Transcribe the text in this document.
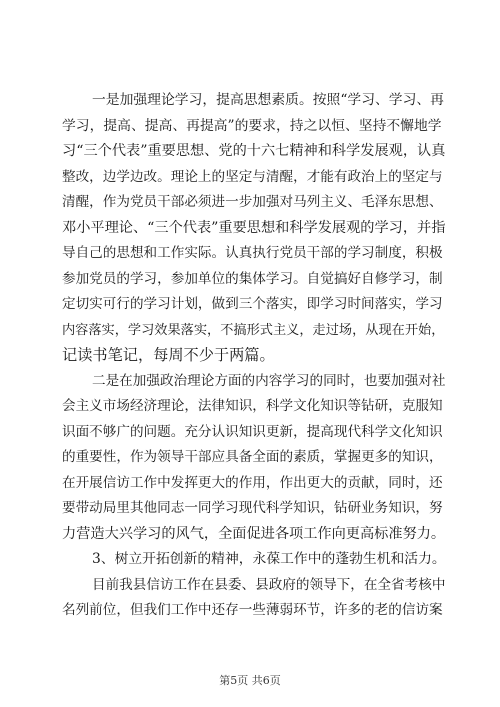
一是加强理论学习，提高思想素质。按照“学习、学习、再
学习，提高、提高、再提高”的要求，持之以恒、坚持不懈地学
习“三个代表”重要思想、党的十六七精神和科学发展观，认真
整改，边学边改。理论上的坚定与清醒，才能有政治上的坚定与
清醒，作为党员干部必须进一步加强对马列主义、毛泽东思想、
邓小平理论、“三个代表”重要思想和科学发展观的学习，并指
导自己的思想和工作实际。认真执行党员干部的学习制度，积极
参加党员的学习，参加单位的集体学习。自觉搞好自修学习，制
定切实可行的学习计划，做到三个落实，即学习时间落实，学习
内容落实，学习效果落实，不搞形式主义，走过场，从现在开始，
记读书笔记，每周不少于两篇。
二是在加强政治理论方面的内容学习的同时，也要加强对社
会主义市场经济理论，法律知识，科学文化知识等钻研，克服知
识面不够广的问题。充分认识知识更新，提高现代科学文化知识
的重要性，作为领导干部应具备全面的素质，掌握更多的知识，
在开展信访工作中发挥更大的作用，作出更大的贡献，同时，还
要带动局里其他同志一同学习现代科学知识，钻研业务知识，努
力营造大兴学习的风气，全面促进各项工作向更高标准努力。
3、树立开拓创新的精神，永葆工作中的蓬勃生机和活力。
目前我县信访工作在县委、县政府的领导下，在全省考核中
名列前位，但我们工作中还存一些薄弱环节，许多的老的信访案
第5页 共6页
